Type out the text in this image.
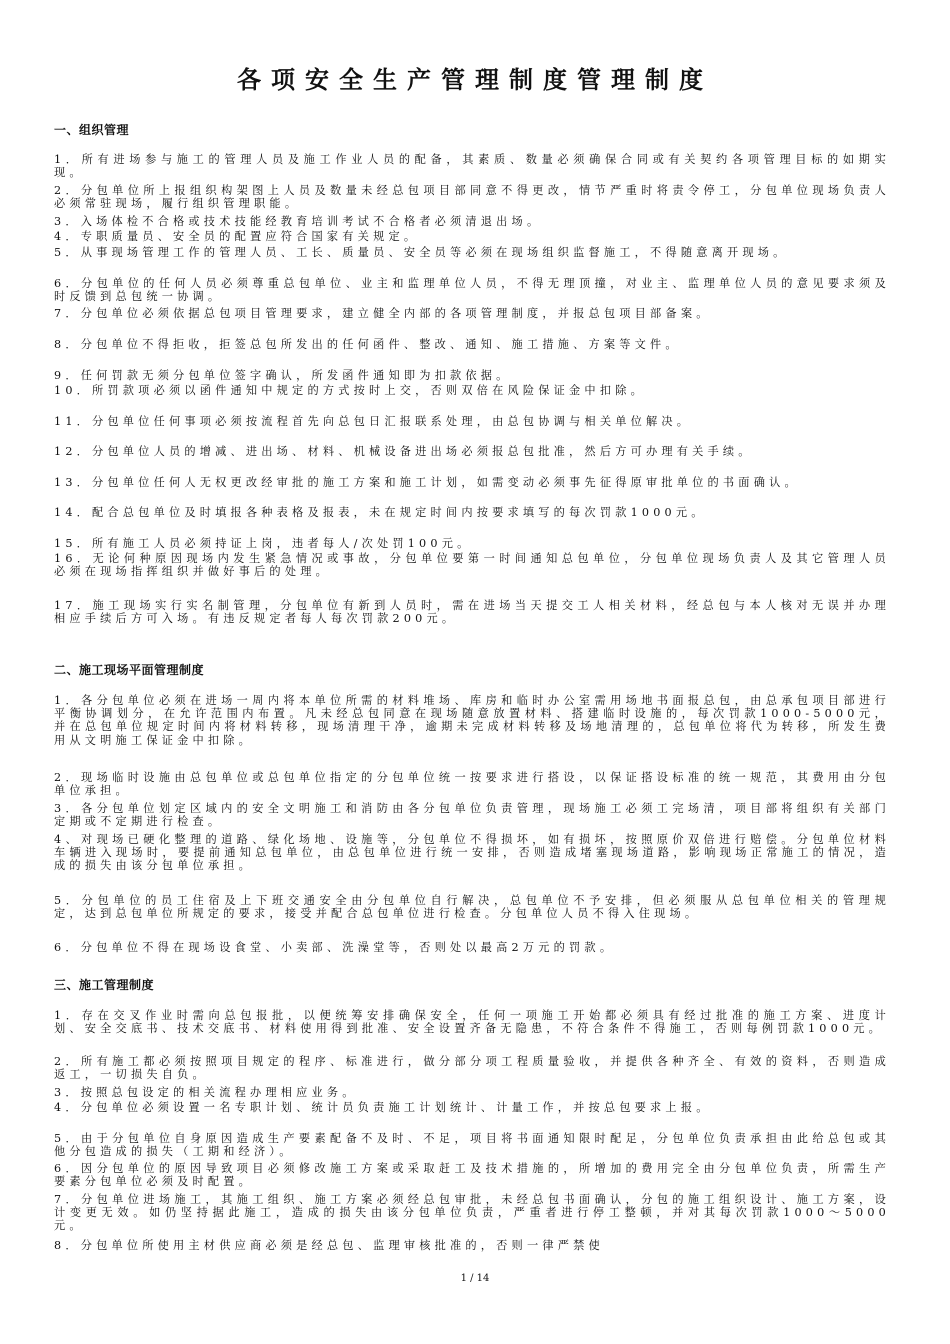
各项安全生产管理制度管理制度
一、组织管理

1．所有进场参与施工的管理人员及施工作业人员的配备，其素质、数量必须确保合同或有关契约各项管理目标的如期实现。

2．分包单位所上报组织构架图上人员及数量未经总包项目部同意不得更改，情节严重时将责令停工，分包单位现场负责人必须常驻现场，履行组织管理职能。

3．入场体检不合格或技术技能经教育培训考试不合格者必须清退出场。

4．专职质量员、安全员的配置应符合国家有关规定。

5．从事现场管理工作的管理人员、工长、质量员、安全员等必须在现场组织监督施工，不得随意离开现场。

6．分包单位的任何人员必须尊重总包单位、业主和监理单位人员，不得无理顶撞，对业主、监理单位人员的意见要求须及时反馈到总包统一协调。

7．分包单位必须依据总包项目管理要求，建立健全内部的各项管理制度，并报总包项目部备案。

8．分包单位不得拒收，拒签总包所发出的任何函件、整改、通知、施工措施、方案等文件。

9．任何罚款无须分包单位签字确认，所发函件通知即为扣款依据。

10．所罚款项必须以函件通知中规定的方式按时上交，否则双倍在风险保证金中扣除。

11．分包单位任何事项必须按流程首先向总包日汇报联系处理，由总包协调与相关单位解决。

12．分包单位人员的增减、进出场、材料、机械设备进出场必须报总包批准，然后方可办理有关手续。

13．分包单位任何人无权更改经审批的施工方案和施工计划，如需变动必须事先征得原审批单位的书面确认。

14．配合总包单位及时填报各种表格及报表，未在规定时间内按要求填写的每次罚款1000元。

15．所有施工人员必须持证上岗，违者每人/次处罚100元。

16．无论何种原因现场内发生紧急情况或事故，分包单位要第一时间通知总包单位，分包单位现场负责人及其它管理人员必须在现场指挥组织并做好事后的处理。

17．施工现场实行实名制管理，分包单位有新到人员时，需在进场当天提交工人相关材料，经总包与本人核对无误并办理相应手续后方可入场。有违反规定者每人每次罚款200元。

二、施工现场平面管理制度

1．各分包单位必须在进场一周内将本单位所需的材料堆场、库房和临时办公室需用场地书面报总包，由总承包项目部进行平衡协调划分，在允许范围内布置。凡未经总包同意在现场随意放置材料、搭建临时设施的，每次罚款1000-5000元，并在总包单位规定时间内将材料转移，现场清理干净，逾期未完成材料转移及场地清理的，总包单位将代为转移，所发生费用从文明施工保证金中扣除。

2．现场临时设施由总包单位或总包单位指定的分包单位统一按要求进行搭设，以保证搭设标准的统一规范，其费用由分包单位承担。

3．各分包单位划定区域内的安全文明施工和消防由各分包单位负责管理，现场施工必须工完场清，项目部将组织有关部门定期或不定期进行检查。

4、对现场已硬化整理的道路、绿化场地、设施等，分包单位不得损坏，如有损坏，按照原价双倍进行赔偿。分包单位材料车辆进入现场时，要提前通知总包单位，由总包单位进行统一安排，否则造成堵塞现场道路，影响现场正常施工的情况，造成的损失由该分包单位承担。

5．分包单位的员工住宿及上下班交通安全由分包单位自行解决，总包单位不予安排，但必须服从总包单位相关的管理规定，达到总包单位所规定的要求，接受并配合总包单位进行检查。分包单位人员不得入住现场。

6．分包单位不得在现场设食堂、小卖部、洗澡堂等，否则处以最高2万元的罚款。

三、施工管理制度

1．存在交叉作业时需向总包报批，以便统筹安排确保安全，任何一项施工开始都必须具有经过批准的施工方案、进度计划、安全交底书、技术交底书、材料使用得到批准、安全设置齐备无隐患，不符合条件不得施工，否则每例罚款1000元。

2．所有施工都必须按照项目规定的程序、标准进行，做分部分项工程质量验收，并提供各种齐全、有效的资料，否则造成返工，一切损失自负。

3．按照总包设定的相关流程办理相应业务。

4．分包单位必须设置一名专职计划、统计员负责施工计划统计、计量工作，并按总包要求上报。

5．由于分包单位自身原因造成生产要素配备不及时、不足，项目将书面通知限时配足，分包单位负责承担由此给总包或其他分包造成的损失（工期和经济）。

6．因分包单位的原因导致项目必须修改施工方案或采取赶工及技术措施的，所增加的费用完全由分包单位负责，所需生产要素分包单位必须及时配置。

7．分包单位进场施工，其施工组织、施工方案必须经总包审批，未经总包书面确认，分包的施工组织设计、施工方案，设计变更无效。如仍坚持据此施工，造成的损失由该分包单位负责，严重者进行停工整顿，并对其每次罚款1000～5000元。

8．分包单位所使用主材供应商必须是经总包、监理审核批准的，否则一律严禁使

1 / 14
